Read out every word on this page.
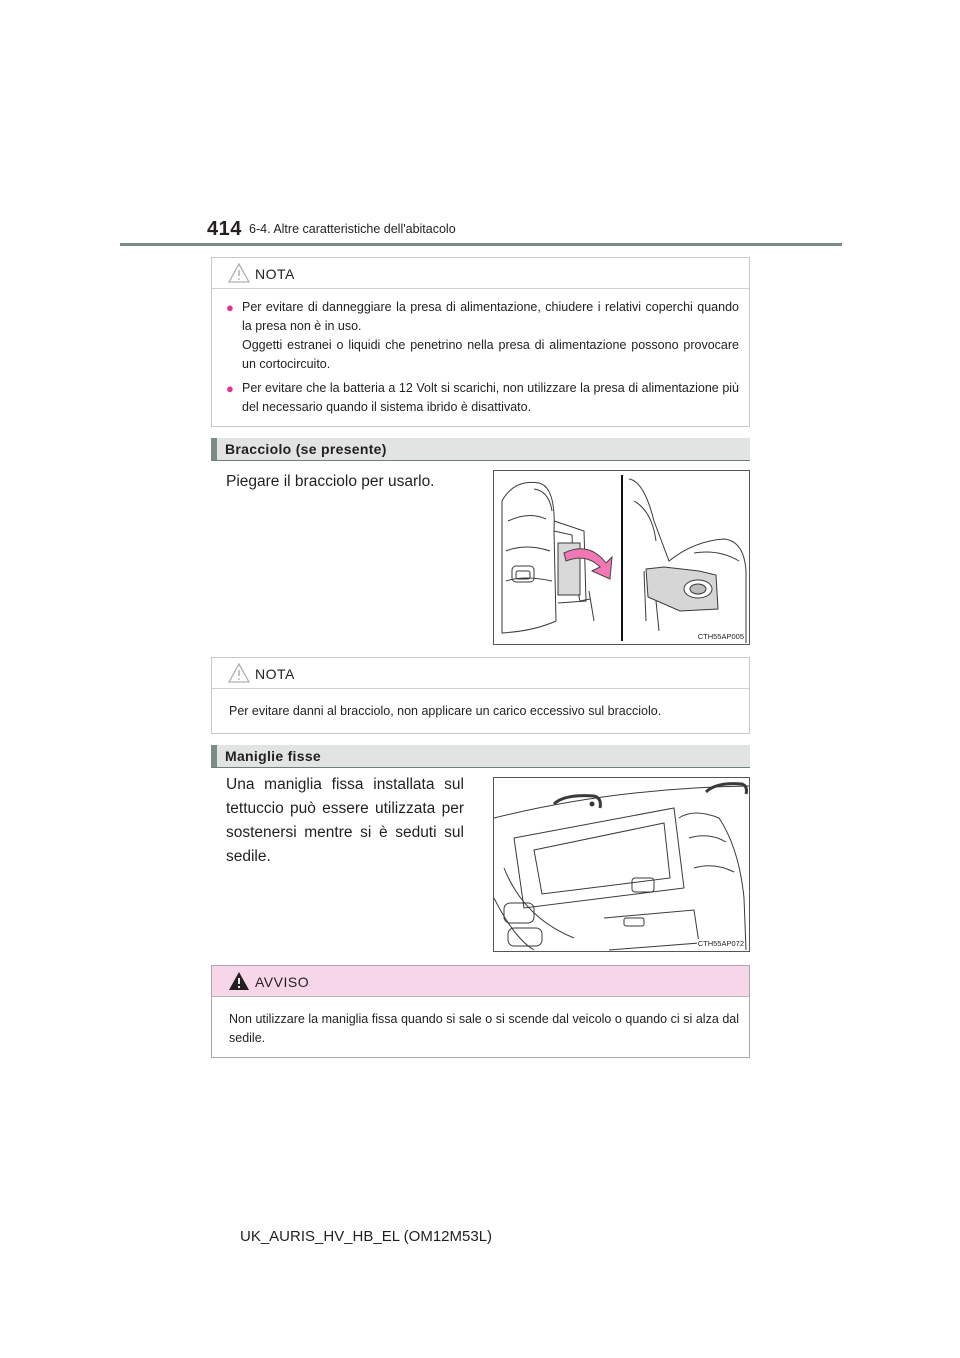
414 6-4. Altre caratteristiche dell'abitacolo
NOTA
● Per evitare di danneggiare la presa di alimentazione, chiudere i relativi coperchi quando la presa non è in uso.

Oggetti estranei o liquidi che penetrino nella presa di alimentazione possono provocare un cortocircuito.

● Per evitare che la batteria a 12 Volt si scarichi, non utilizzare la presa di alimentazione più del necessario quando il sistema ibrido è disattivato.

Bracciolo (se presente)
Piegare il bracciolo per usarlo.
CTH55AP005
NOTA
Per evitare danni al bracciolo, non applicare un carico eccessivo sul bracciolo.
Maniglie fisse
Una maniglia fissa installata sul tettuccio può essere utilizzata per sostenersi mentre si è seduti sul sedile.
CTH55AP072
AVVISO
Non utilizzare la maniglia fissa quando si sale o si scende dal veicolo o quando ci si alza dal sedile.
UK_AURIS_HV_HB_EL (OM12M53L)
